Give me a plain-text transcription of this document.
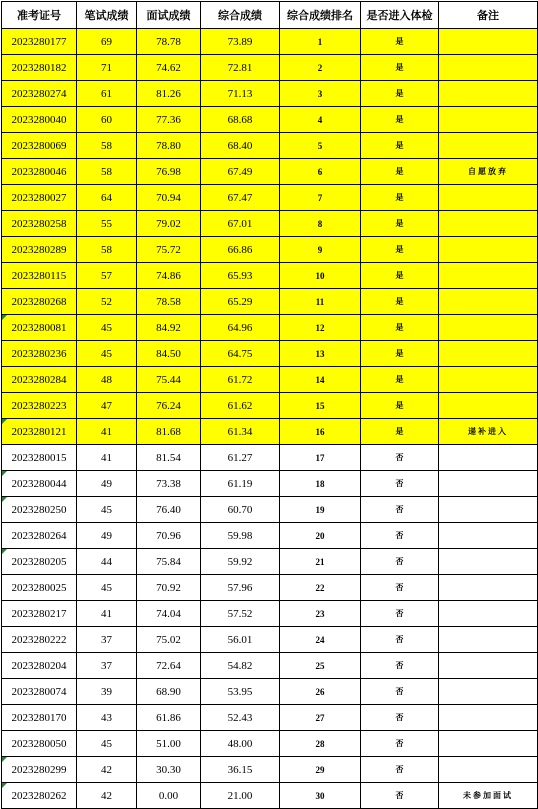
准考证号	笔试成绩	面试成绩	综合成绩	综合成绩排名	是否进入体检	备注
2023280177	69	78.78	73.89	1	是	
2023280182	71	74.62	72.81	2	是	
2023280274	61	81.26	71.13	3	是	
2023280040	60	77.36	68.68	4	是	
2023280069	58	78.80	68.40	5	是	
2023280046	58	76.98	67.49	6	是	自愿放弃
2023280027	64	70.94	67.47	7	是	
2023280258	55	79.02	67.01	8	是	
2023280289	58	75.72	66.86	9	是	
2023280115	57	74.86	65.93	10	是	
2023280268	52	78.58	65.29	11	是	

2023280081	45	84.92	64.96	12	是	
2023280236	45	84.50	64.75	13	是	
2023280284	48	75.44	61.72	14	是	
2023280223	47	76.24	61.62	15	是	

2023280121	41	81.68	61.34	16	是	递补进入
2023280015	41	81.54	61.27	17	否	

2023280044	49	73.38	61.19	18	否	

2023280250	45	76.40	60.70	19	否	
2023280264	49	70.96	59.98	20	否	

2023280205	44	75.84	59.92	21	否	
2023280025	45	70.92	57.96	22	否	
2023280217	41	74.04	57.52	23	否	
2023280222	37	75.02	56.01	24	否	
2023280204	37	72.64	54.82	25	否	
2023280074	39	68.90	53.95	26	否	
2023280170	43	61.86	52.43	27	否	
2023280050	45	51.00	48.00	28	否	

2023280299	42	30.30	36.15	29	否	

2023280262	42	0.00	21.00	30	否	未参加面试
